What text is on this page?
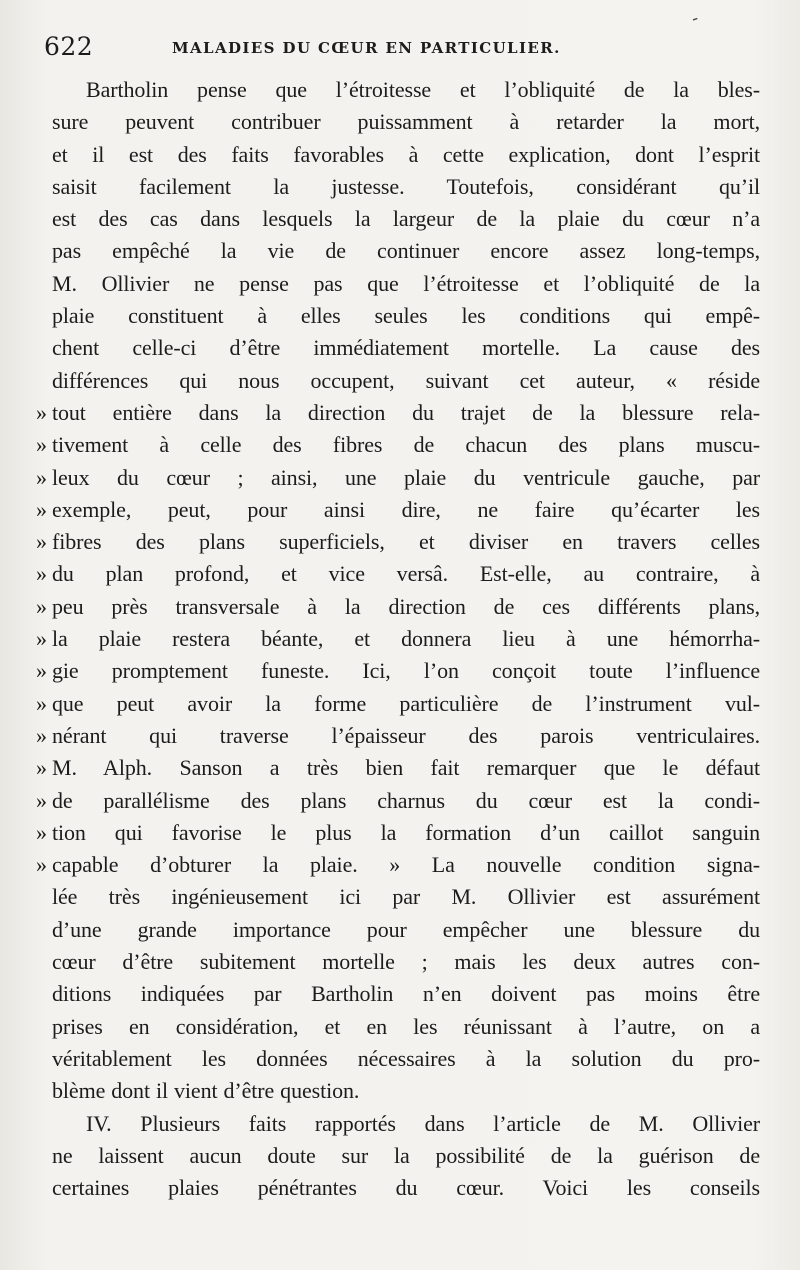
622	MALADIES DU CŒUR EN PARTICULIER.
-
Bartholin pense que l’étroitesse et l’obliquité de la bles-
sure peuvent contribuer puissamment à retarder la mort,
et il est des faits favorables à cette explication, dont l’esprit
saisit facilement la justesse. Toutefois, considérant qu’il
est des cas dans lesquels la largeur de la plaie du cœur n’a
pas empêché la vie de continuer encore assez long-temps,
M. Ollivier ne pense pas que l’étroitesse et l’obliquité de la
plaie constituent à elles seules les conditions qui empê-
chent celle-ci d’être immédiatement mortelle. La cause des
différences qui nous occupent, suivant cet auteur, « réside
» tout entière dans la direction du trajet de la blessure rela-
» tivement à celle des fibres de chacun des plans muscu-
» leux du cœur ; ainsi, une plaie du ventricule gauche, par
» exemple, peut, pour ainsi dire, ne faire qu’écarter les
» fibres des plans superficiels, et diviser en travers celles
» du plan profond, et vice versâ. Est-elle, au contraire, à
» peu près transversale à la direction de ces différents plans,
» la plaie restera béante, et donnera lieu à une hémorrha-
» gie promptement funeste. Ici, l’on conçoit toute l’influence
» que peut avoir la forme particulière de l’instrument vul-
» nérant qui traverse l’épaisseur des parois ventriculaires.
» M. Alph. Sanson a très bien fait remarquer que le défaut
» de parallélisme des plans charnus du cœur est la condi-
» tion qui favorise le plus la formation d’un caillot sanguin
» capable d’obturer la plaie. » La nouvelle condition signa-
lée très ingénieusement ici par M. Ollivier est assurément
d’une grande importance pour empêcher une blessure du
cœur d’être subitement mortelle ; mais les deux autres con-
ditions indiquées par Bartholin n’en doivent pas moins être
prises en considération, et en les réunissant à l’autre, on a
véritablement les données nécessaires à la solution du pro-
blème dont il vient d’être question.
IV. Plusieurs faits rapportés dans l’article de M. Ollivier
ne laissent aucun doute sur la possibilité de la guérison de
certaines plaies pénétrantes du cœur. Voici les conseils
